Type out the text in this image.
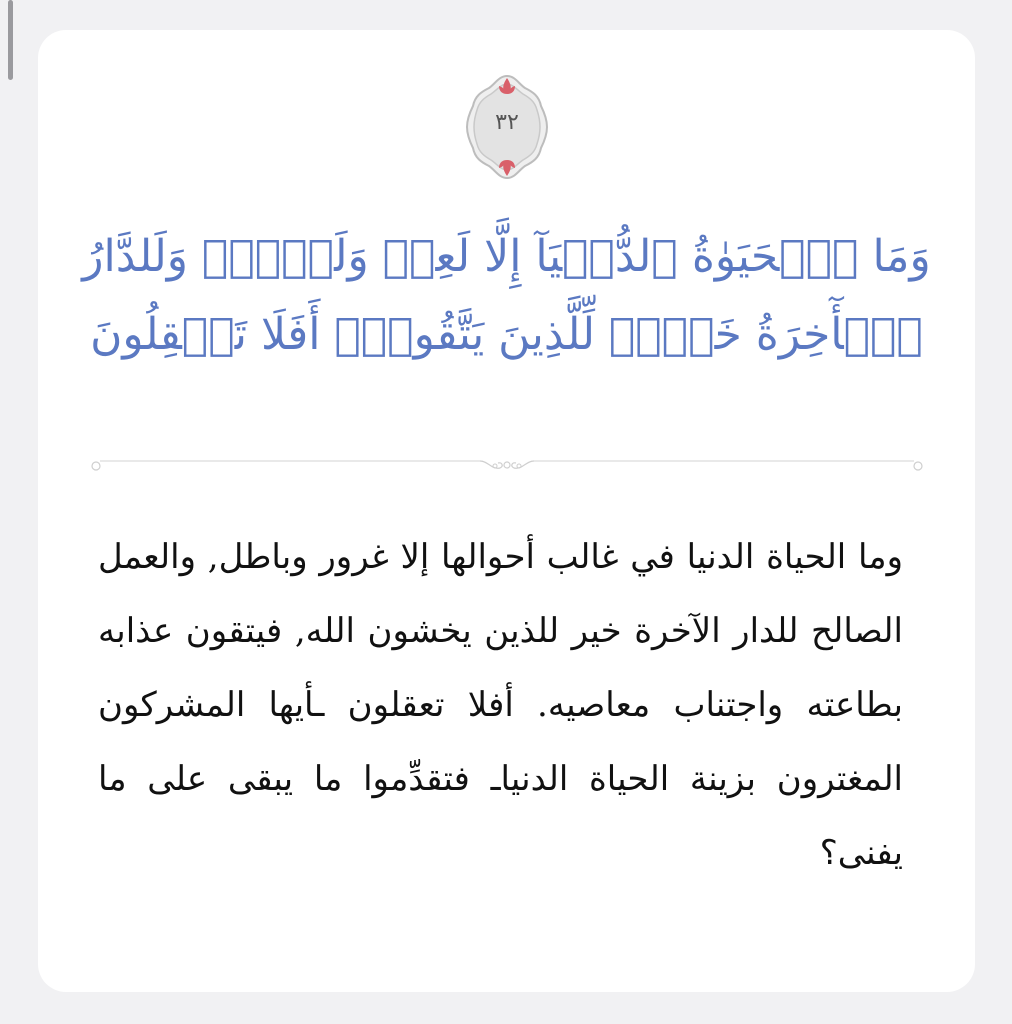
٣٢
وَمَا ٱلۡحَيَوٰةُ ٱلدُّنۡيَآ إِلَّا لَعِبٞ وَلَهۡوٞۖ وَلَلدَّارُ ٱلۡأٓخِرَةُ خَيۡرٞ لِّلَّذِينَ يَتَّقُونَۚ أَفَلَا تَعۡقِلُونَ
وما الحياة الدنيا في غالب أحوالها إلا غرور وباطل, والعمل الصالح للدار الآخرة خير للذين يخشون الله, فيتقون عذابه بطاعته واجتناب معاصيه. أفلا تعقلون ـأيها المشركون المغترون بزينة الحياة الدنياـ فتقدِّموا ما يبقى على ما يفنى؟
